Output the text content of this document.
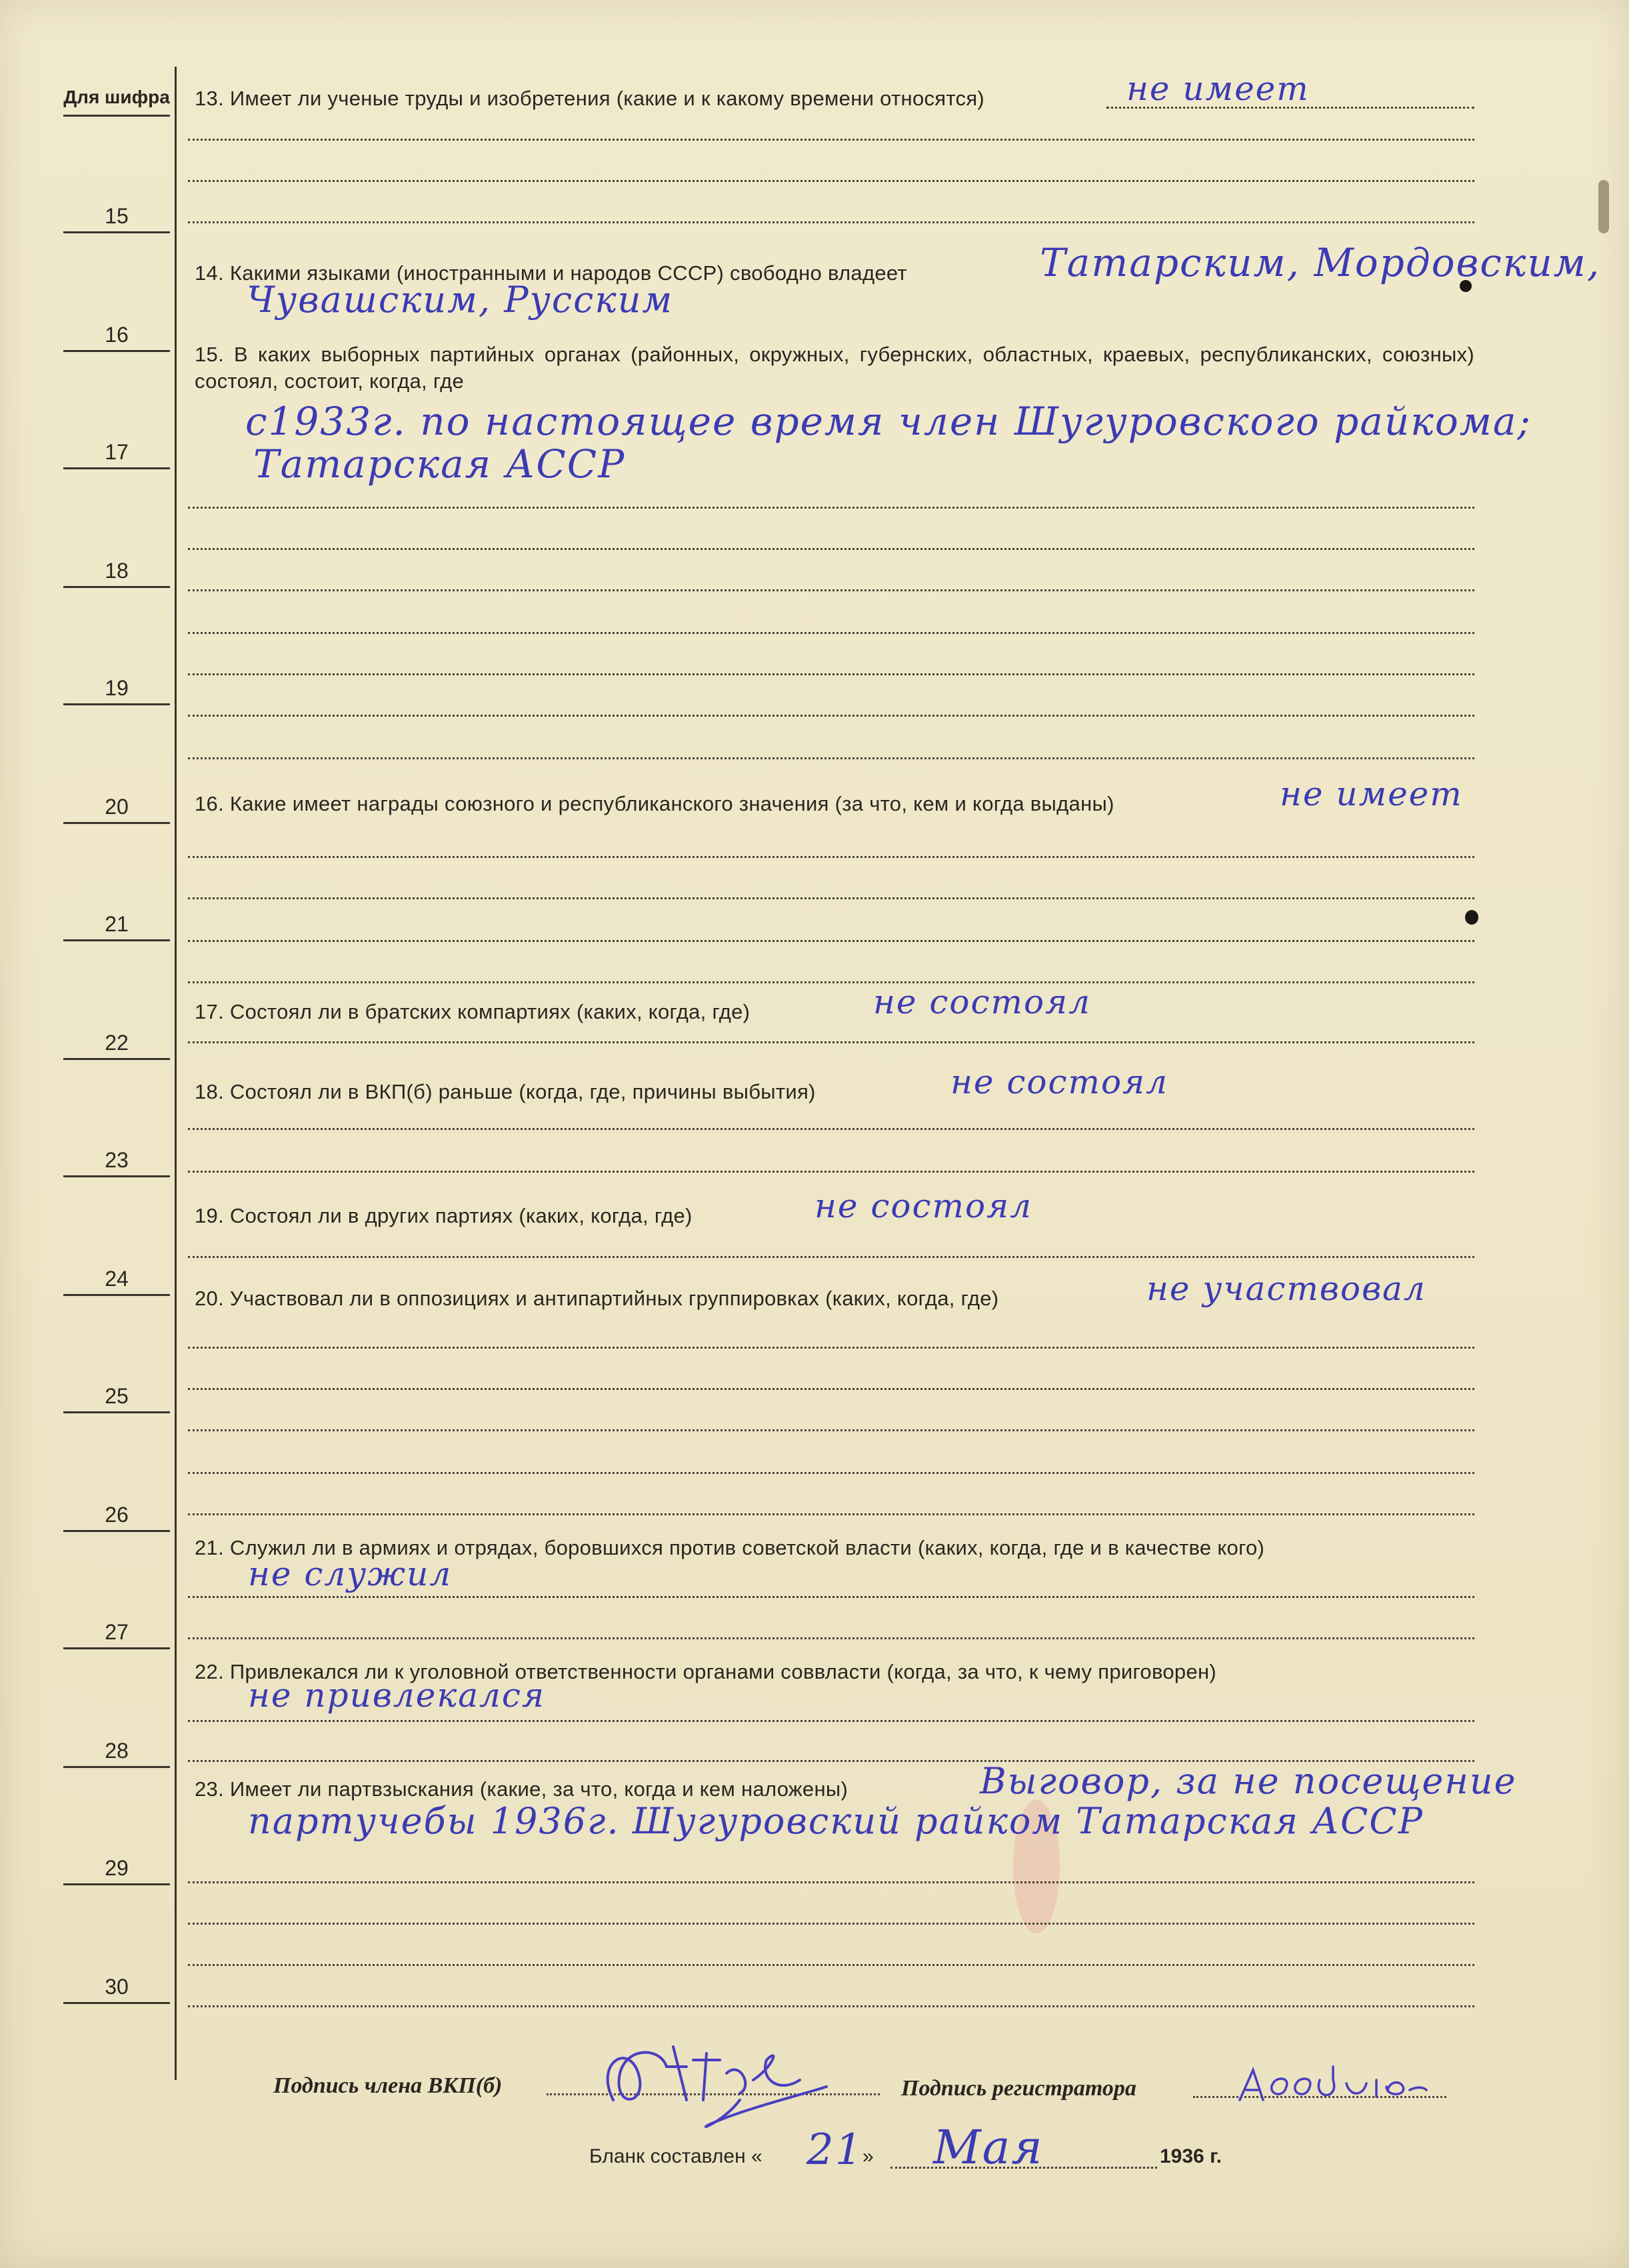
Для шифра
15
16
17
18
19
20
21
22
23
24
25
26
27
28
29
30
13. Имеет ли ученые труды и изобретения (какие и к какому времени относятся)	не имеет
14. Какими языками (иностранными и народов СССР) свободно владеет	Татарским, Мордовским,
Чувашским, Русским
15. В каких выборных партийных органах (районных, окружных, губернских, областных, краевых, республиканских, союзных) состоял, состоит, когда, где
с1933г. по настоящее время член Шугуровского райкома;
Татарская АССР
16. Какие имеет награды союзного и республиканского значения (за что, кем и когда выданы)	не имеет
17. Состоял ли в братских компартиях (каких, когда, где)	не состоял
18. Состоял ли в ВКП(б) раньше (когда, где, причины выбытия)	не состоял
19. Состоял ли в других партиях (каких, когда, где)	не состоял
20. Участвовал ли в оппозициях и антипартийных группировках (каких, когда, где)	не участвовал
21. Служил ли в армиях и отрядах, боровшихся против советской власти (каких, когда, где и в качестве кого)
не служил
22. Привлекался ли к уголовной ответственности органами соввласти (когда, за что, к чему приговорен)
не привлекался
23. Имеет ли партвзыскания (какие, за что, когда и кем наложены)	Выговор, за не посещение
партучебы 1936г. Шугуровский райком Татарская АССР
Подпись члена ВКП(б)	Подпись регистратора
Бланк составлен « 21
» Мая	1936 г.
